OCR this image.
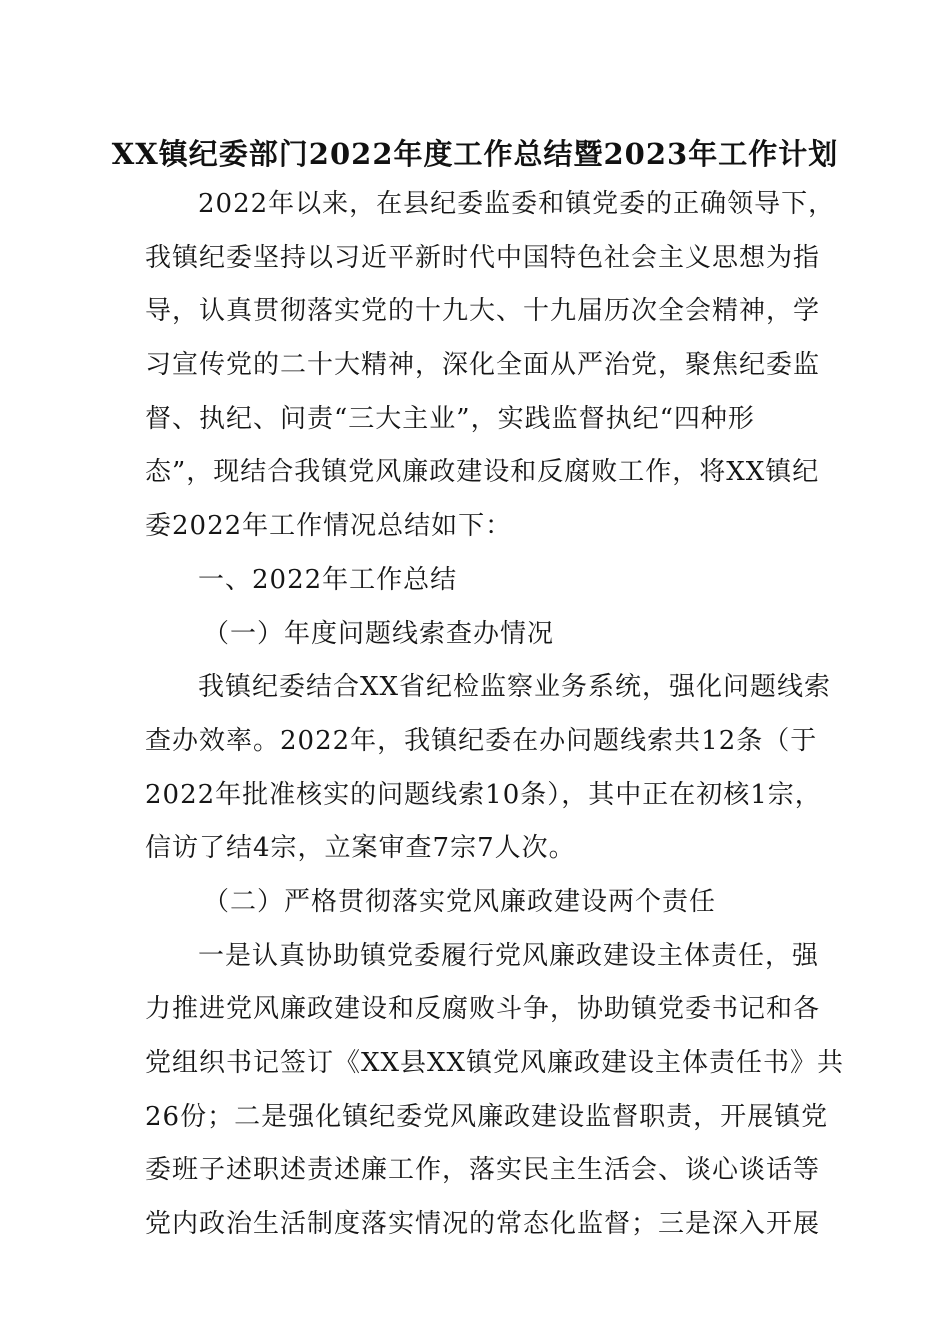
XX镇纪委部门2022年度工作总结暨2023年工作计划
2022年以来，在县纪委监委和镇党委的正确领导下，
我镇纪委坚持以习近平新时代中国特色社会主义思想为指
导，认真贯彻落实党的十九大、十九届历次全会精神，学
习宣传党的二十大精神，深化全面从严治党，聚焦纪委监
督、执纪、问责“三大主业”，实践监督执纪“四种形
态”，现结合我镇党风廉政建设和反腐败工作，将XX镇纪
委2022年工作情况总结如下：
一、2022年工作总结
（一）年度问题线索查办情况
我镇纪委结合XX省纪检监察业务系统，强化问题线索
查办效率。2022年，我镇纪委在办问题线索共12条（于
2022年批准核实的问题线索10条），其中正在初核1宗，
信访了结4宗，立案审查7宗7人次。
（二）严格贯彻落实党风廉政建设两个责任
一是认真协助镇党委履行党风廉政建设主体责任，强
力推进党风廉政建设和反腐败斗争，协助镇党委书记和各
党组织书记签订《XX县XX镇党风廉政建设主体责任书》共
26份；二是强化镇纪委党风廉政建设监督职责，开展镇党
委班子述职述责述廉工作，落实民主生活会、谈心谈话等
党内政治生活制度落实情况的常态化监督；三是深入开展
